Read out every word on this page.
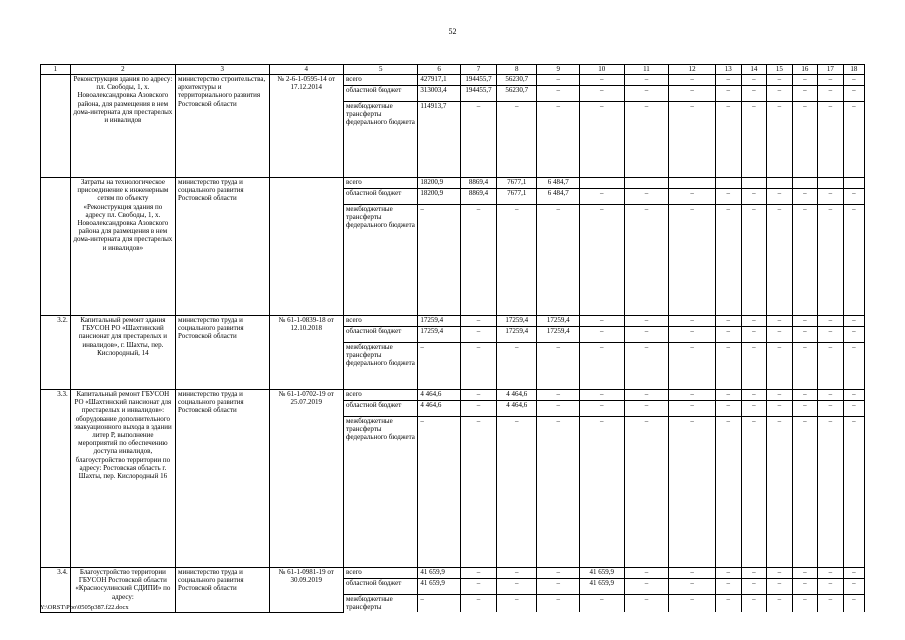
52
1	2	3	4	5	6	7	8	9	10	11	12	13	14	15	16	17	18
	Реконструкция здания по адресу: пл. Свободы, 1, х. Новоалександровка Азовского района, для размещения в нем дома-интерната для престарелых и инвалидов	министерство строительства, архитектуры и территориального развития Ростовской области	№ 2-6-1-0595-14 от 17.12.2014	всего	427917,1	194455,7	56230,7	–	–	–	–	–	–	–	–	–	–
				областной бюджет	313003,4	194455,7	56230,7	–	–	–	–	–	–	–	–	–	–
				межбюджетные трансферты федерального бюджета	114913,7	–	–	–	–	–	–	–	–	–	–	–	–
	Затраты на технологическое присоединение к инженерным сетям по объекту «Реконструкция здания по адресу пл. Свободы, 1, х. Новоалександровка Азовского района для размещения в нем дома-интерната для престарелых и инвалидов»	министерство труда и социального развития Ростовской области		всего	18200,9	8869,4	7677,1	6 484,7									
				областной бюджет	18200,9	8869,4	7677,1	6 484,7	–	–	–	–	–	–	–	–	–
				межбюджетные трансферты федерального бюджета	–	–	–	–	–	–	–	–	–	–	–	–	–
3.2.	Капитальный ремонт здания ГБУСОН РО «Шахтинский пансионат для престарелых и инвалидов», г. Шахты, пер. Кислородный, 14	министерство труда и социального развития Ростовской области	№ 61-1-0839-18 от 12.10.2018	всего	17259,4	–	17259,4	17259,4	–	–	–	–	–	–	–	–	–
				областной бюджет	17259,4	–	17259,4	17259,4	–	–	–	–	–	–	–	–	–
				межбюджетные трансферты федерального бюджета	–	–	–	–	–	–	–	–	–	–	–	–	–
3.3.	Капитальный ремонт ГБУСОН РО «Шахтинский пансионат для престарелых и инвалидов»: оборудование дополнительного эвакуационного выхода в здании литер Р, выполнение мероприятий по обеспечению доступа инвалидов, благоустройство территории по адресу: Ростовская область г. Шахты, пер. Кислородный 16	министерство труда и социального развития Ростовской области	№ 61-1-0702-19 от 25.07.2019	всего	4 464,6	–	4 464,6	–	–	–	–	–	–	–	–	–	–
				областной бюджет	4 464,6	–	4 464,6	–	–	–	–	–	–	–	–	–	–
				межбюджетные трансферты федерального бюджета	–	–	–	–	–	–	–	–	–	–	–	–	–
3.4.	Благоустройство территории ГБУСОН Ростовской области «Красносулинский СДИПИ» по адресу:	министерство труда и социального развития Ростовской области	№ 61-1-0981-19 от 30.09.2019	всего	41 659,9	–	–	–	41 659,9	–	–	–	–	–	–	–	–
				областной бюджет	41 659,9	–	–	–	41 659,9	–	–	–	–	–	–	–	–
				межбюджетные трансферты	–	–	–	–	–	–	–	–	–	–	–	–	–
Y:\ORST\Ppo\0505p387.f22.docx
